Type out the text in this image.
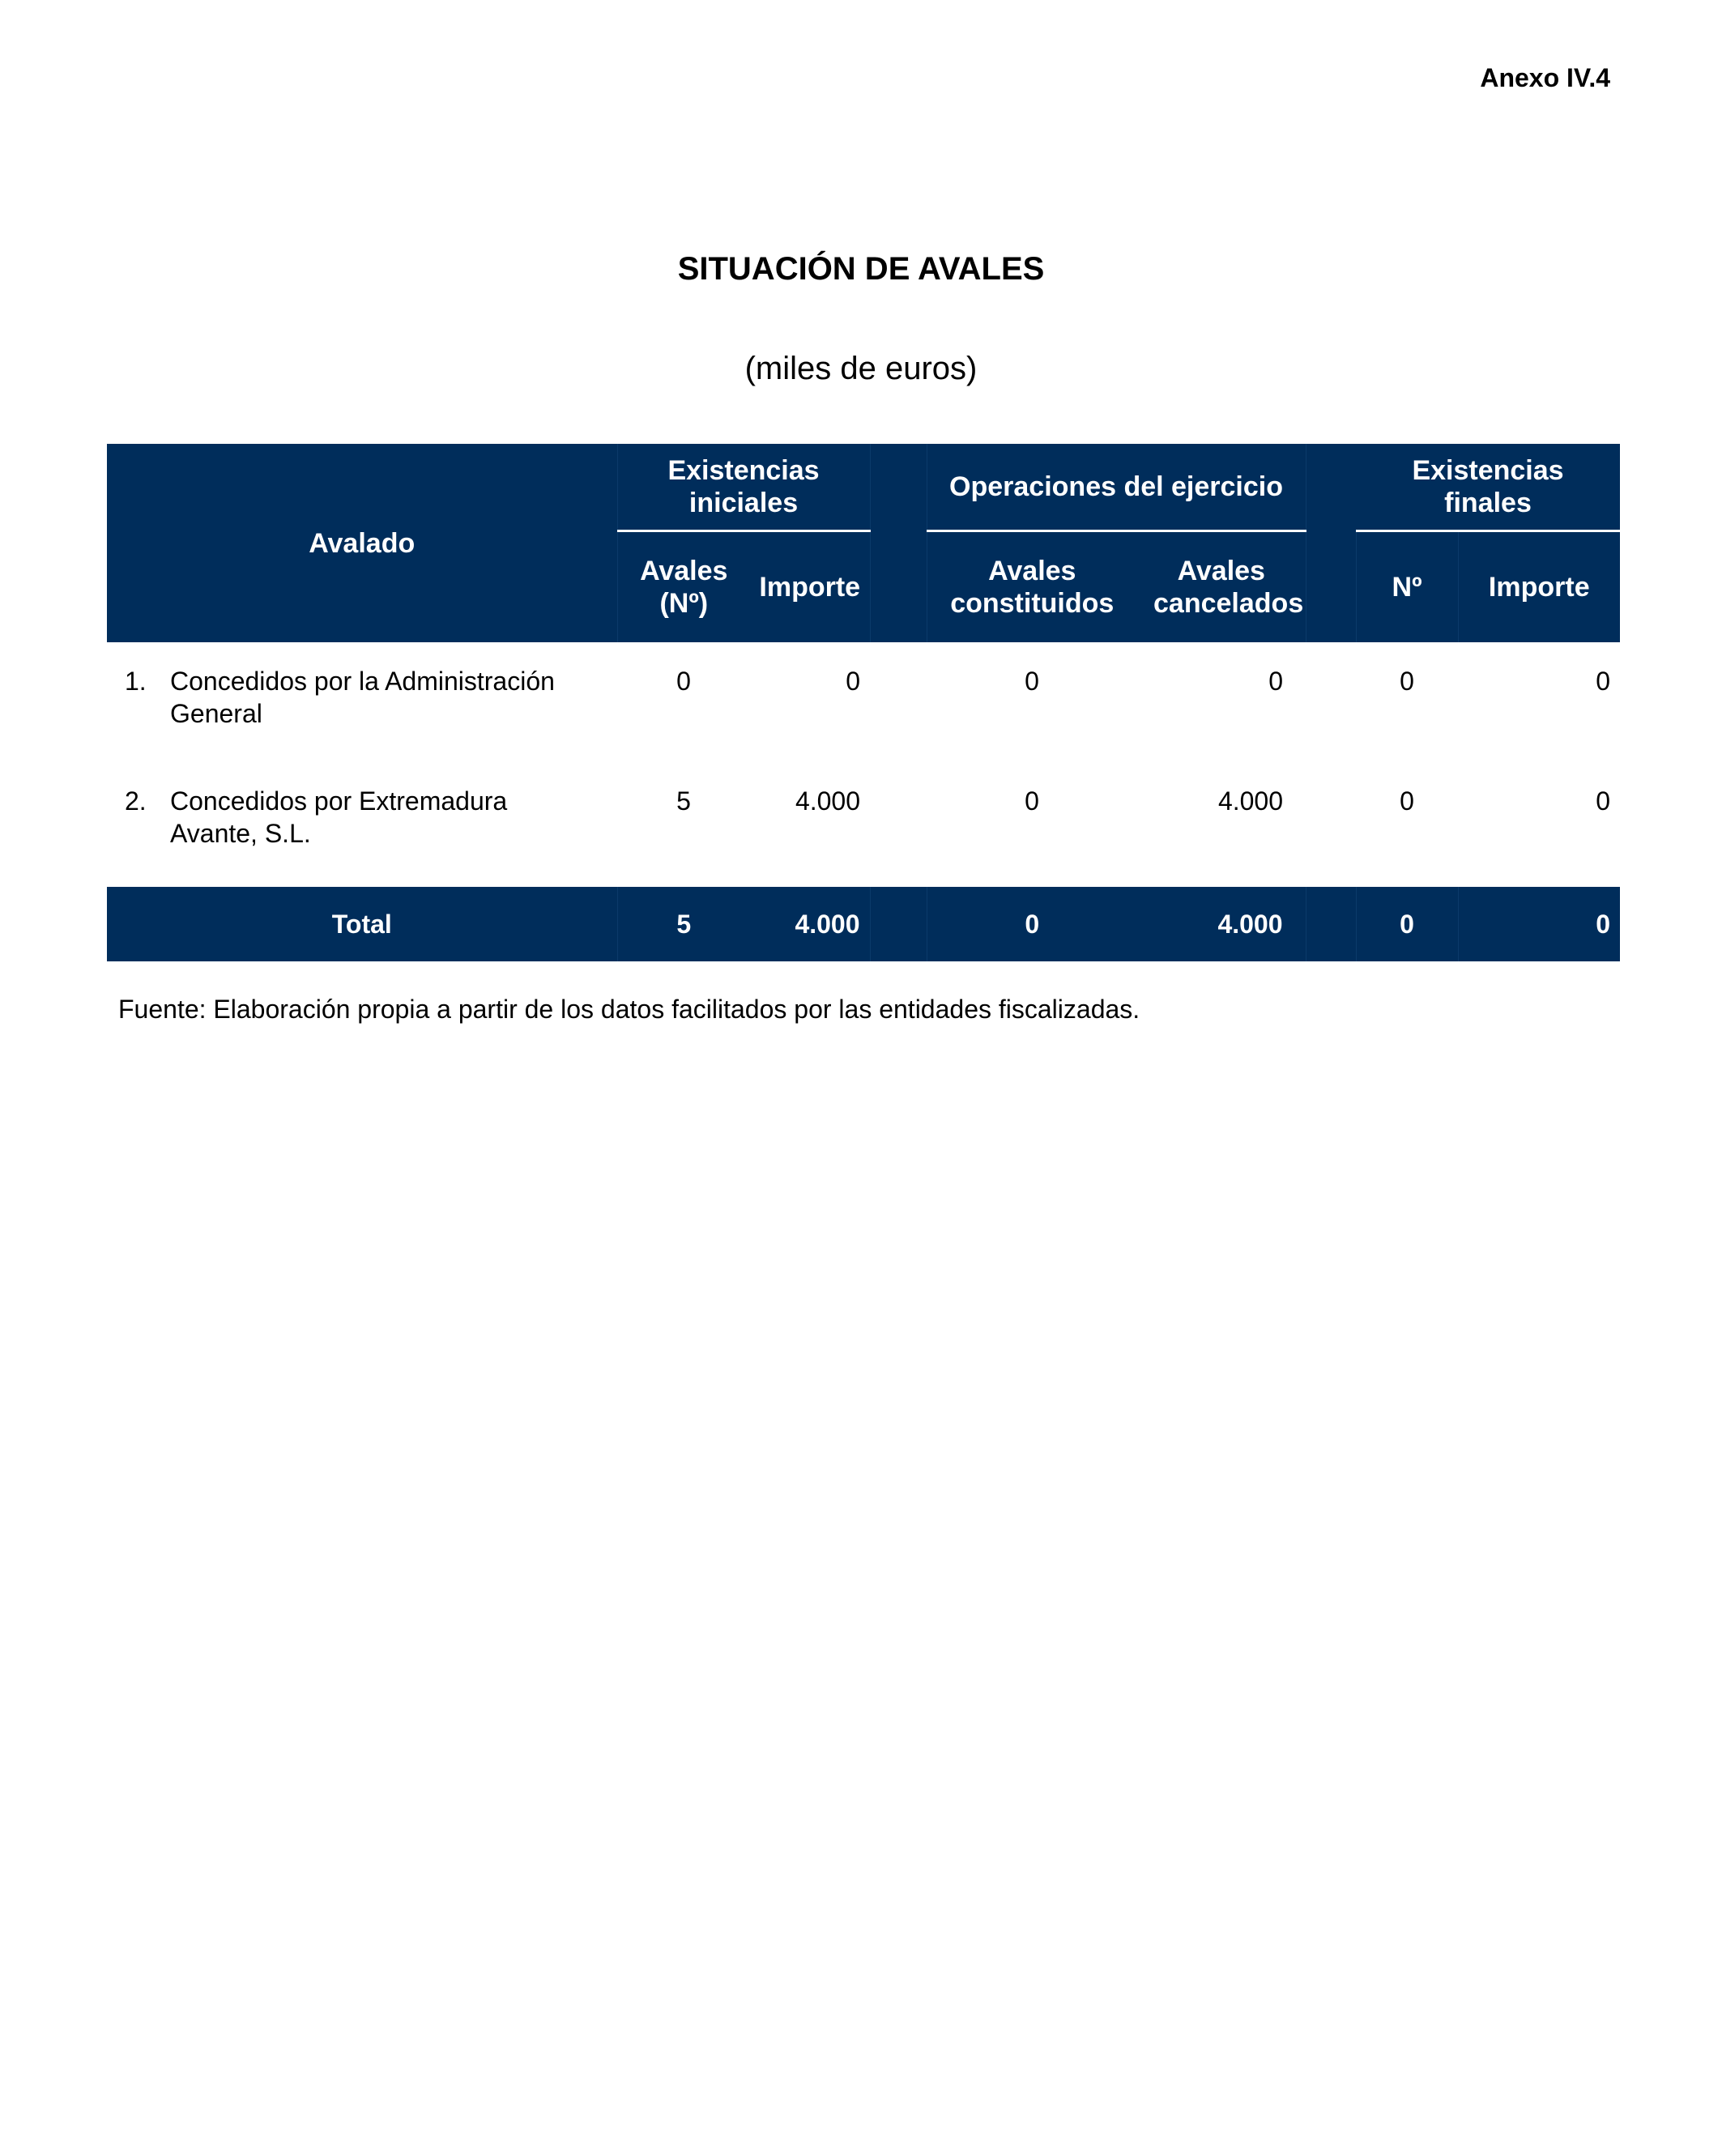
Anexo IV.4
SITUACIÓN DE AVALES
(miles de euros)
Avalado	Existencias iniciales			Operaciones del ejercicio			Existencias finales	
	Avales (Nº)	Importe		Avales constituidos	Avales cancelados		Nº	Importe

1. Concedidos por la Administración General	0	0		0	0		0	0

2. Concedidos por Extremadura Avante, S.L.	5	4.000		0	4.000		0	0
Total	5	4.000		0	4.000		0	0
Fuente: Elaboración propia a partir de los datos facilitados por las entidades fiscalizadas.
